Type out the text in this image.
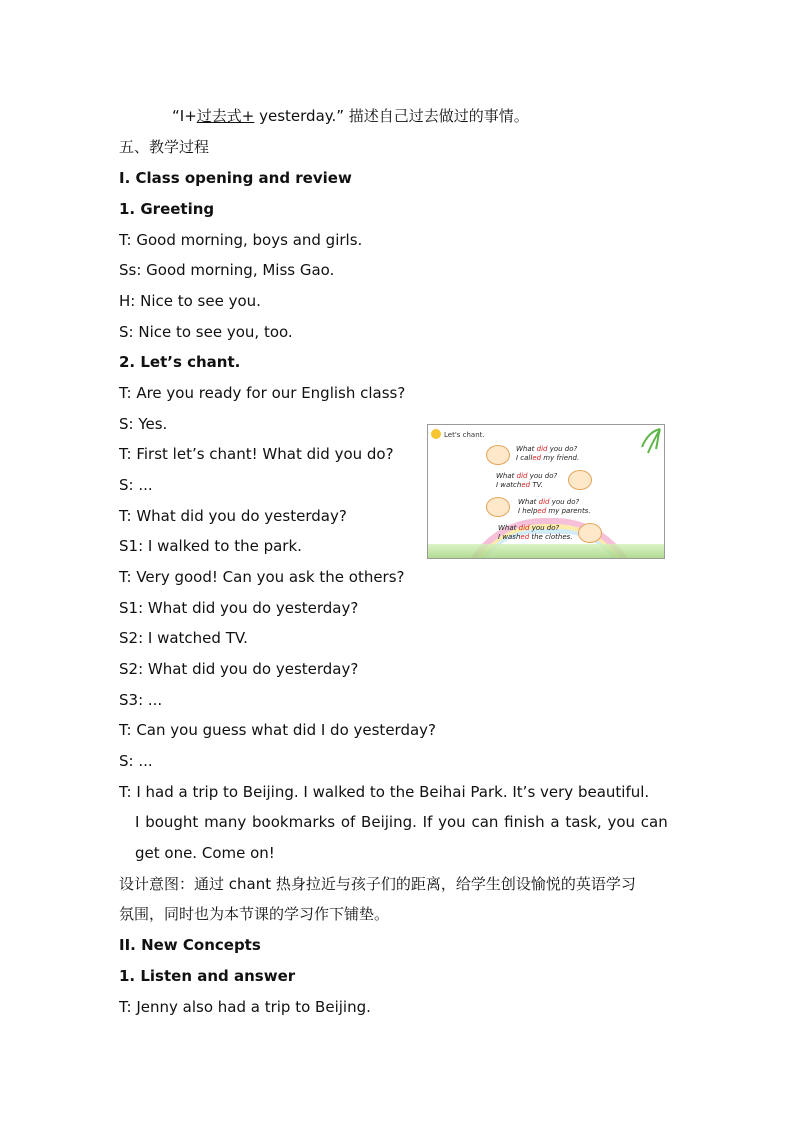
“I+过去式+ yesterday.” 描述自己过去做过的事情。
五、教学过程
I. Class opening and review
1. Greeting
T: Good morning, boys and girls.
Ss: Good morning, Miss Gao.
H: Nice to see you.
S: Nice to see you, too.
2. Let’s chant.
T: Are you ready for our English class?
S: Yes.
T: First let’s chant! What did you do?
S: ...
T: What did you do yesterday?
S1: I walked to the park.
T: Very good! Can you ask the others?
S1: What did you do yesterday?
S2: I watched TV.
S2: What did you do yesterday?
S3: ...
T: Can you guess what did I do yesterday?
S: ...
T: I had a trip to Beijing. I walked to the Beihai Park. It’s very beautiful.
I bought many bookmarks of Beijing. If you can finish a task, you can
get one. Come on!
设计意图：通过 chant 热身拉近与孩子们的距离，给学生创设愉悦的英语学习
氛围，同时也为本节课的学习作下铺垫。
II. New Concepts
1. Listen and answer
T: Jenny also had a trip to Beijing.
Let's chant.
What did you do?
I called my friend.
What did you do?
I watched TV.
What did you do?
I helped my parents.
What did you do?
I washed the clothes.
